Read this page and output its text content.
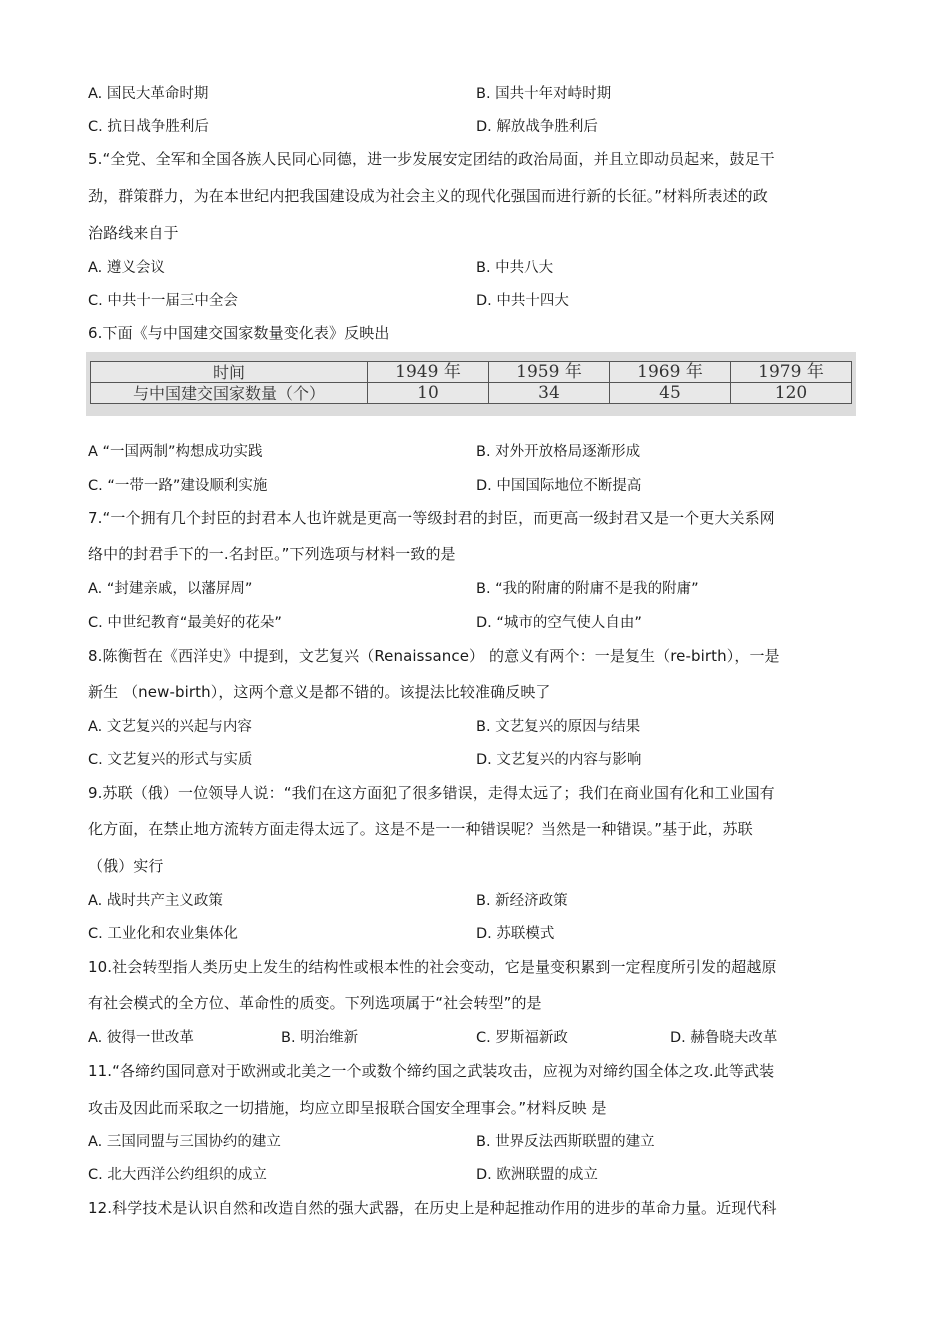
A. 国民大革命时期	B. 国共十年对峙时期
C. 抗日战争胜利后	D. 解放战争胜利后
5.“全党、全军和全国各族人民同心同德，进一步发展安定团结的政治局面，并且立即动员起来，鼓足干
劲，群策群力，为在本世纪内把我国建设成为社会主义的现代化强国而进行新的长征。”材料所表述的政
治路线来自于
A. 遵义会议	B. 中共八大
C. 中共十一届三中全会	D. 中共十四大
6.下面《与中国建交国家数量变化表》反映出
时间	1949 年	1959 年	1969 年	1979 年
与中国建交国家数量（个）	10	34	45	120
A “一国两制”构想成功实践	B. 对外开放格局逐渐形成
C. “一带一路”建设顺利实施	D. 中国国际地位不断提高
7.“一个拥有几个封臣的封君本人也许就是更高一等级封君的封臣，而更高一级封君又是一个更大关系网
络中的封君手下的一.名封臣。”下列选项与材料一致的是
A. “封建亲戚，以藩屏周”	B. “我的附庸的附庸不是我的附庸”
C. 中世纪教育“最美好的花朵”	D. “城市的空气使人自由”
8.陈衡哲在《西洋史》中提到，文艺复兴（Renaissance） 的意义有两个：一是复生（re-birth），一是
新生 （new-birth），这两个意义是都不错的。该提法比较准确反映了
A. 文艺复兴的兴起与内容	B. 文艺复兴的原因与结果
C. 文艺复兴的形式与实质	D. 文艺复兴的内容与影响
9.苏联（俄）一位领导人说：“我们在这方面犯了很多错误，走得太远了；我们在商业国有化和工业国有
化方面，在禁止地方流转方面走得太远了。这是不是一一种错误呢？当然是一种错误。”基于此，苏联
（俄）实行
A. 战时共产主义政策	B. 新经济政策
C. 工业化和农业集体化	D. 苏联模式
10.社会转型指人类历史上发生的结构性或根本性的社会变动，它是量变积累到一定程度所引发的超越原
有社会模式的全方位、革命性的质变。下列选项属于“社会转型”的是
A. 彼得一世改革	B. 明治维新	C. 罗斯福新政	D. 赫鲁晓夫改革
11.“各缔约国同意对于欧洲或北美之一个或数个缔约国之武装攻击，应视为对缔约国全体之攻.此等武装
攻击及因此而采取之一切措施，均应立即呈报联合国安全理事会。”材料反映 是
A. 三国同盟与三国协约的建立	B. 世界反法西斯联盟的建立
C. 北大西洋公约组织的成立	D. 欧洲联盟的成立
12.科学技术是认识自然和改造自然的强大武器，在历史上是种起推动作用的进步的革命力量。近现代科
